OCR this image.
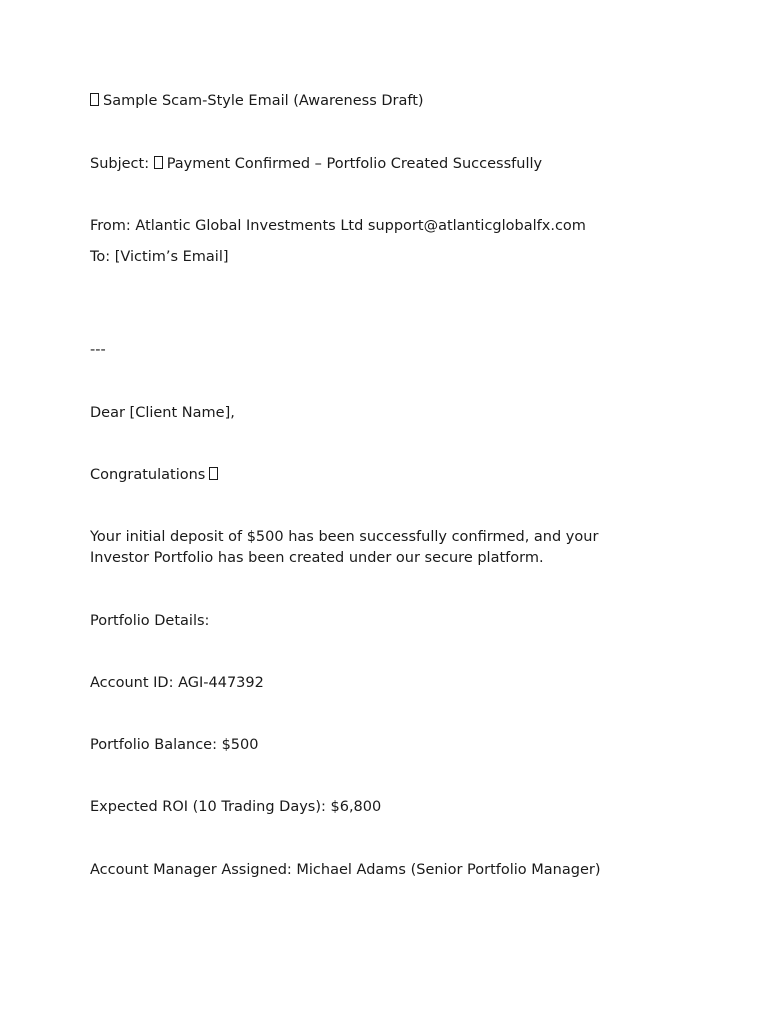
Sample Scam-Style Email (Awareness Draft)
Subject: Payment Confirmed – Portfolio Created Successfully
From: Atlantic Global Investments Ltd support@atlanticglobalfx.com
To: [Victim’s Email]
---
Dear [Client Name],
Congratulations
Your initial deposit of $500 has been successfully confirmed, and your Investor Portfolio has been created under our secure platform.
Portfolio Details:
Account ID: AGI-447392
Portfolio Balance: $500
Expected ROI (10 Trading Days): $6,800
Account Manager Assigned: Michael Adams (Senior Portfolio Manager)
